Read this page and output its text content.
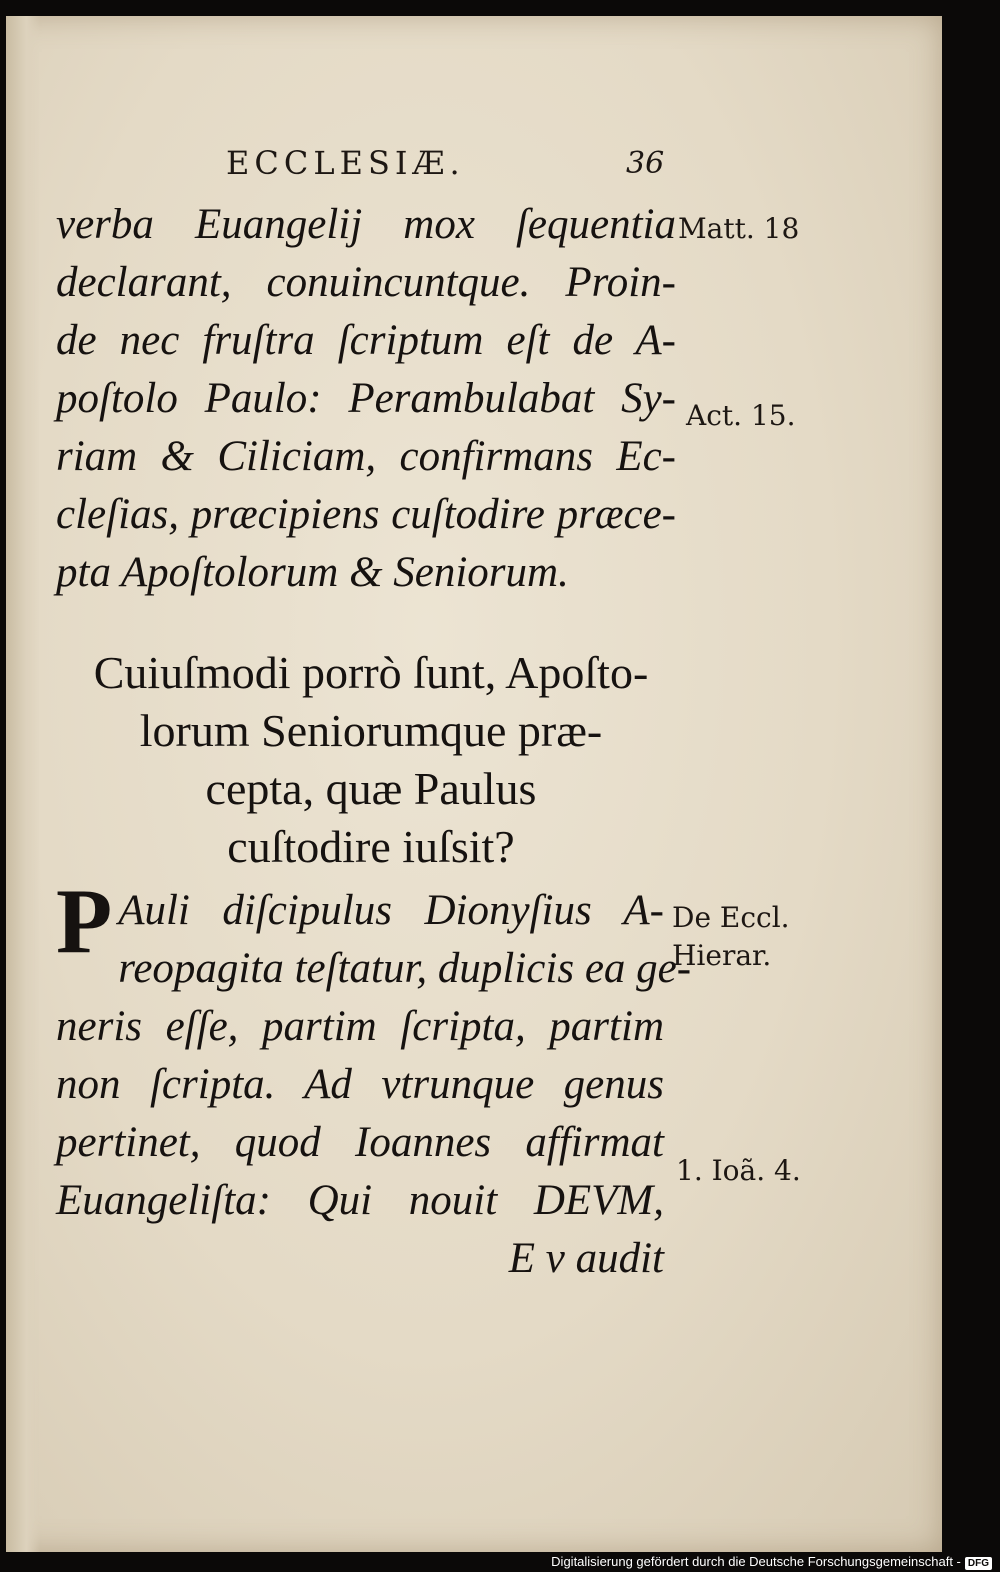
ECCLESIÆ.	36
verba Euangelij mox ſequentia
declarant, conuincuntque. Proin-
de nec fruſtra ſcriptum eſt de A-
poſtolo Paulo: Perambulabat Sy-
riam & Ciliciam, confirmans Ec-
cleſias, præcipiens cuſtodire præce-
pta Apoſtolorum & Seniorum.
Cuiuſmodi porrò ſunt, Apoſto-
lorum Seniorumque præ-
cepta, quæ Paulus
cuſtodire iuſsit?
P Auli diſcipulus Dionyſius A-
reopagita teſtatur, duplicis ea ge-
neris eſſe, partim ſcripta, partim
non ſcripta. Ad vtrunque genus
pertinet, quod Ioannes affirmat
Euangeliſta: Qui nouit DEVM,
E v audit
Matt. 18
Act. 15.
De Eccl.
Hierar.
1. Ioã. 4.
Digitalisierung gefördert durch die Deutsche Forschungsgemeinschaft - DFG
